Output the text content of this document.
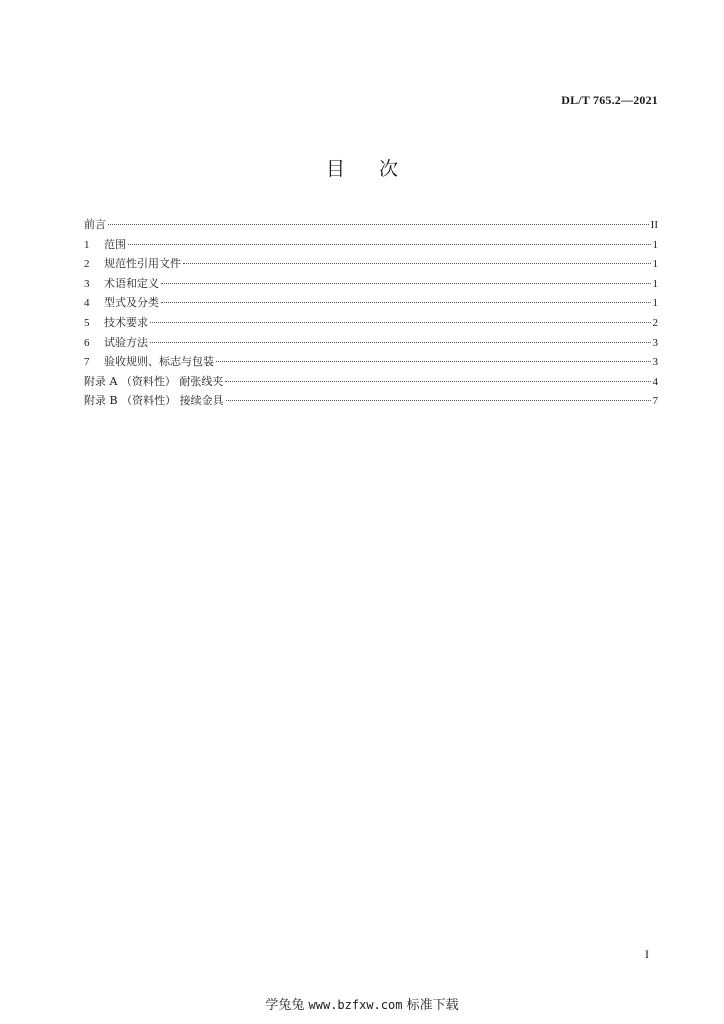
DL/T 765.2—2021
目 次
前言	II
1	范围	1
2	规范性引用文件	1
3	术语和定义	1
4	型式及分类	1
5	技术要求	2
6	试验方法	3
7	验收规则、标志与包装	3
附录 A （资料性） 耐张线夹	4
附录 B （资料性） 接续金具	7
I
学兔兔 www.bzfxw.com 标准下载
